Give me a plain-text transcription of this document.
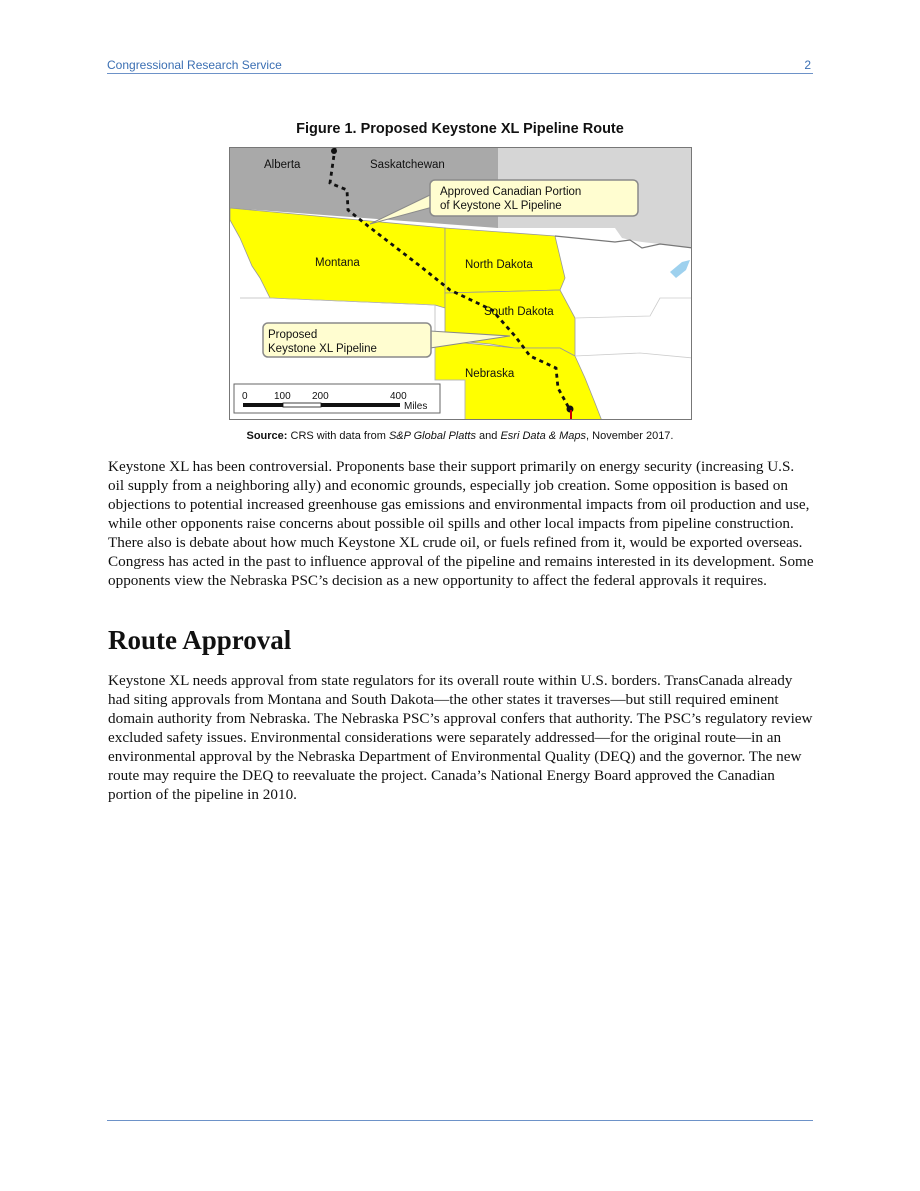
Congressional Research Service	2
Figure 1. Proposed Keystone XL Pipeline Route
Alberta	Saskatchewan
Montana	North Dakota
South Dakota
Nebraska
Approved Canadian Portion
of Keystone XL Pipeline
Proposed
Keystone XL Pipeline
0	100 200	400
Miles
Source: CRS with data from S&P Global Platts and Esri Data & Maps, November 2017.
Keystone XL has been controversial. Proponents base their support primarily on energy security (increasing U.S. oil supply from a neighboring ally) and economic grounds, especially job creation. Some opposition is based on objections to potential increased greenhouse gas emissions and environmental impacts from oil production and use, while other opponents raise concerns about possible oil spills and other local impacts from pipeline construction. There also is debate about how much Keystone XL crude oil, or fuels refined from it, would be exported overseas. Congress has acted in the past to influence approval of the pipeline and remains interested in its development. Some opponents view the Nebraska PSC’s decision as a new opportunity to affect the federal approvals it requires.
Route Approval
Keystone XL needs approval from state regulators for its overall route within U.S. borders. TransCanada already had siting approvals from Montana and South Dakota—the other states it traverses—but still required eminent domain authority from Nebraska. The Nebraska PSC’s approval confers that authority. The PSC’s regulatory review excluded safety issues. Environmental considerations were separately addressed—for the original route—in an environmental approval by the Nebraska Department of Environmental Quality (DEQ) and the governor. The new route may require the DEQ to reevaluate the project. Canada’s National Energy Board approved the Canadian portion of the pipeline in 2010.
